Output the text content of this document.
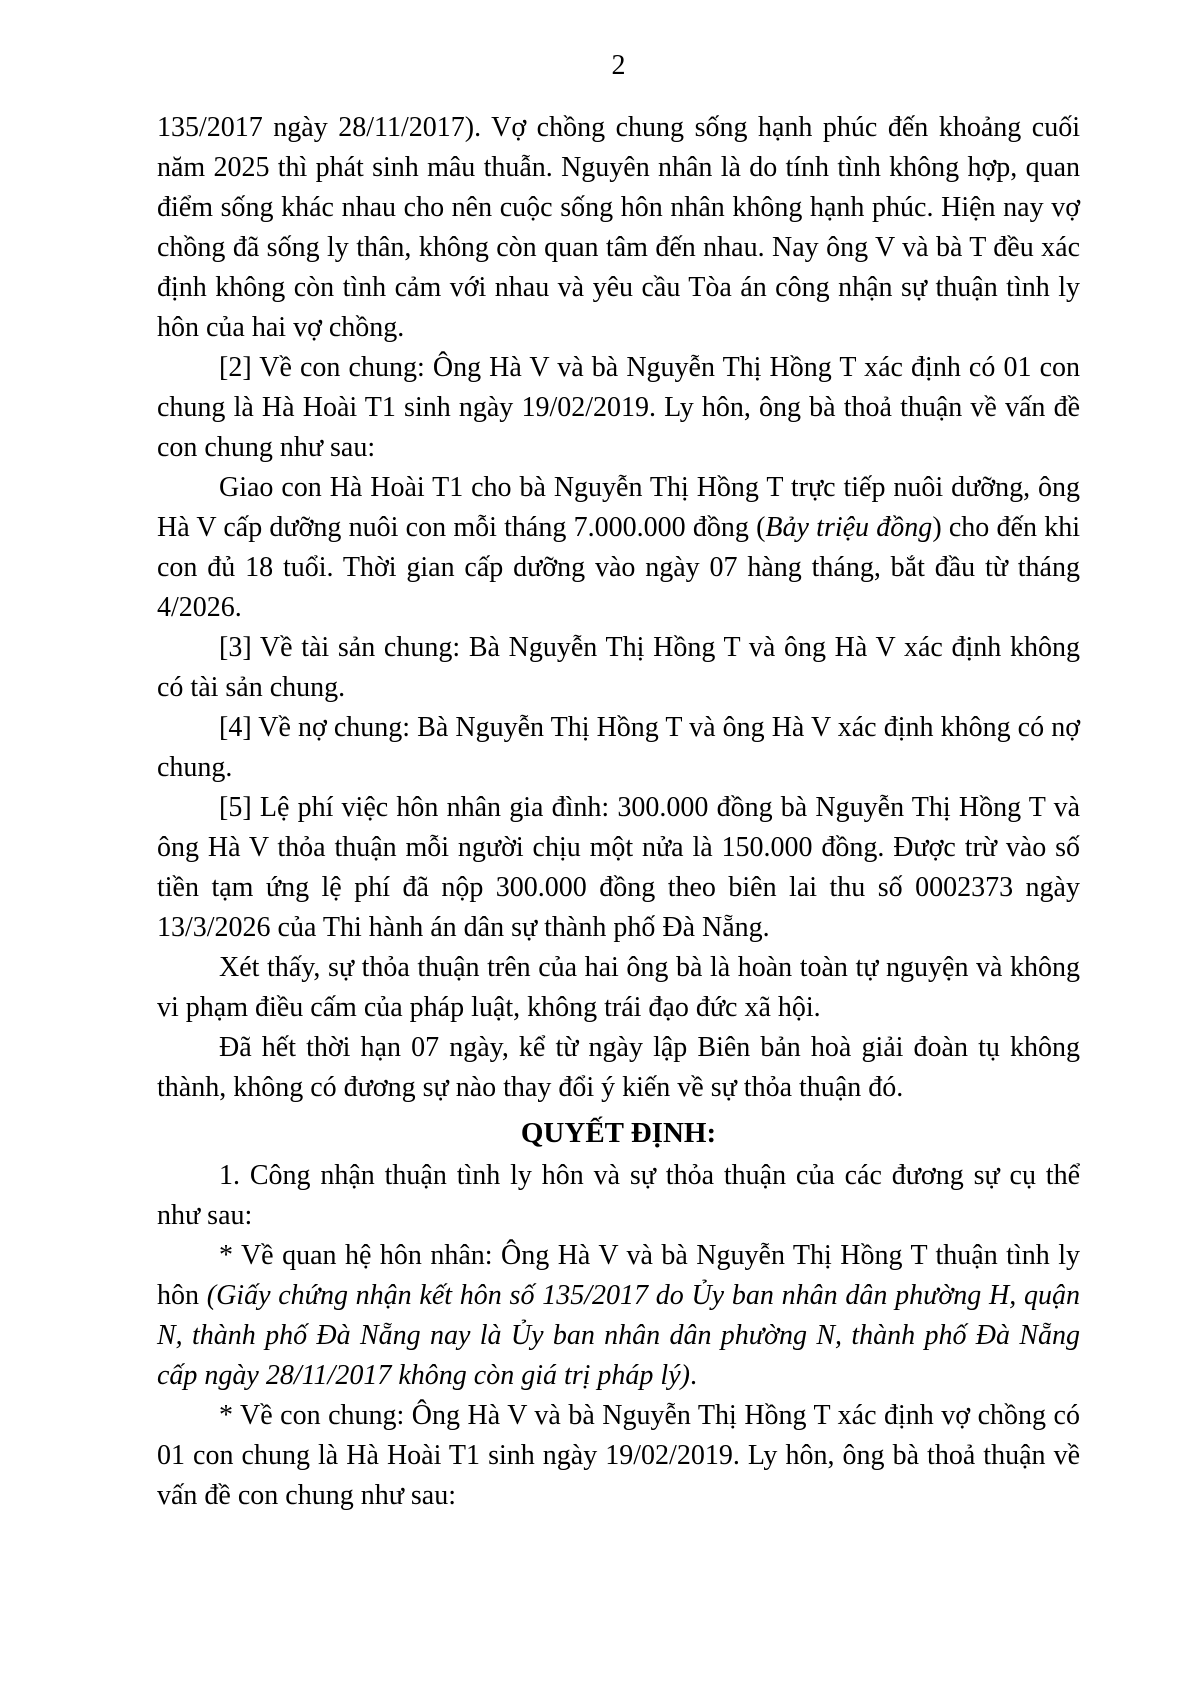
2

135/2017 ngày 28/11/2017). Vợ chồng chung sống hạnh phúc đến khoảng cuối năm 2025 thì phát sinh mâu thuẫn. Nguyên nhân là do tính tình không hợp, quan điểm sống khác nhau cho nên cuộc sống hôn nhân không hạnh phúc. Hiện nay vợ chồng đã sống ly thân, không còn quan tâm đến nhau. Nay ông V và bà T đều xác định không còn tình cảm với nhau và yêu cầu Tòa án công nhận sự thuận tình ly hôn của hai vợ chồng.

[2] Về con chung: Ông Hà V và bà Nguyễn Thị Hồng T xác định có 01 con chung là Hà Hoài T1 sinh ngày 19/02/2019. Ly hôn, ông bà thoả thuận về vấn đề con chung như sau:

Giao con Hà Hoài T1 cho bà Nguyễn Thị Hồng T trực tiếp nuôi dưỡng, ông Hà V cấp dưỡng nuôi con mỗi tháng 7.000.000 đồng (Bảy triệu đồng) cho đến khi con đủ 18 tuổi. Thời gian cấp dưỡng vào ngày 07 hàng tháng, bắt đầu từ tháng 4/2026.

[3] Về tài sản chung: Bà Nguyễn Thị Hồng T và ông Hà V xác định không có tài sản chung.

[4] Về nợ chung: Bà Nguyễn Thị Hồng T và ông Hà V xác định không có nợ chung.

[5] Lệ phí việc hôn nhân gia đình: 300.000 đồng bà Nguyễn Thị Hồng T và ông Hà V thỏa thuận mỗi người chịu một nửa là 150.000 đồng. Được trừ vào số tiền tạm ứng lệ phí đã nộp 300.000 đồng theo biên lai thu số 0002373 ngày 13/3/2026 của Thi hành án dân sự thành phố Đà Nẵng.

Xét thấy, sự thỏa thuận trên của hai ông bà là hoàn toàn tự nguyện và không vi phạm điều cấm của pháp luật, không trái đạo đức xã hội.

Đã hết thời hạn 07 ngày, kể từ ngày lập Biên bản hoà giải đoàn tụ không thành, không có đương sự nào thay đổi ý kiến về sự thỏa thuận đó.

QUYẾT ĐỊNH:

1. Công nhận thuận tình ly hôn và sự thỏa thuận của các đương sự cụ thể như sau:

* Về quan hệ hôn nhân: Ông Hà V và bà Nguyễn Thị Hồng T thuận tình ly hôn (Giấy chứng nhận kết hôn số 135/2017 do Ủy ban nhân dân phường H, quận N, thành phố Đà Nẵng nay là Ủy ban nhân dân phường N, thành phố Đà Nẵng cấp ngày 28/11/2017 không còn giá trị pháp lý).

* Về con chung: Ông Hà V và bà Nguyễn Thị Hồng T xác định vợ chồng có 01 con chung là Hà Hoài T1 sinh ngày 19/02/2019. Ly hôn, ông bà thoả thuận về vấn đề con chung như sau:
